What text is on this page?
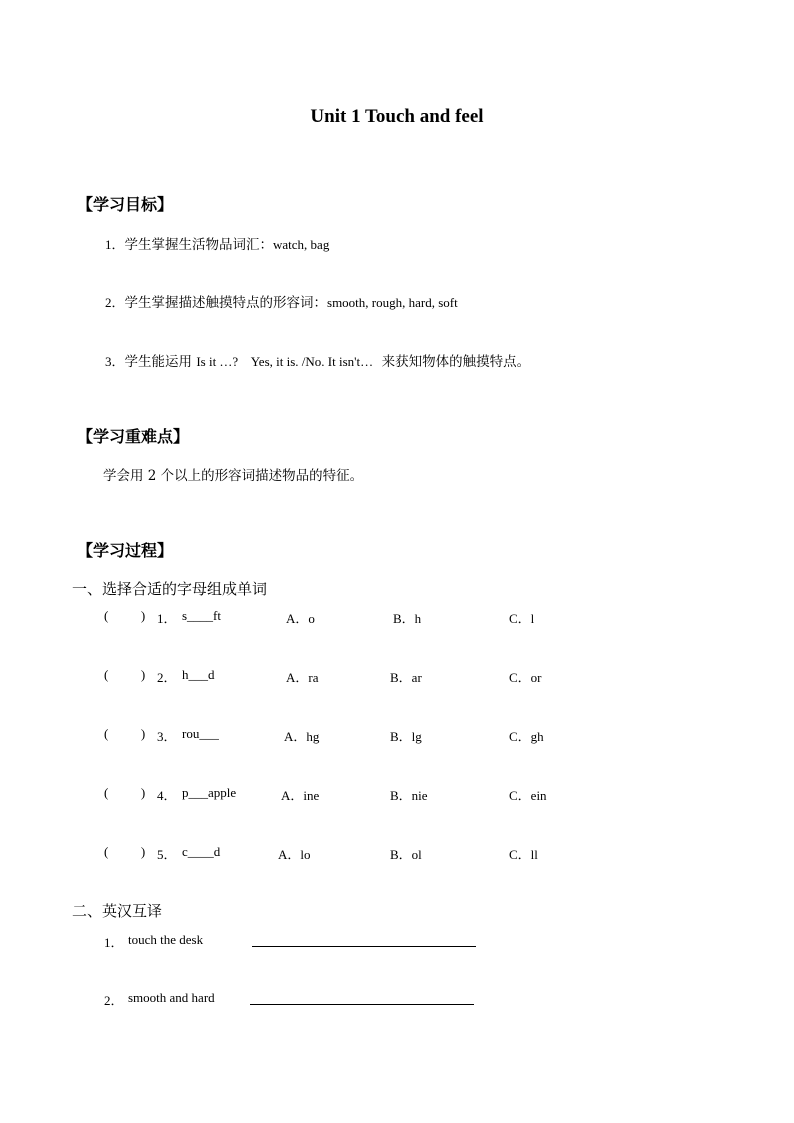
Unit 1 Touch and feel
【学习目标】
1．学生掌握生活物品词汇：watch, bag
2．学生掌握描述触摸特点的形容词：smooth, rough, hard, soft
3．学生能运用 Is it …?    Yes, it is. /No. It isn't…  来获知物体的触摸特点。
【学习重难点】
学会用 2 个以上的形容词描述物品的特征。
【学习过程】
一、选择合适的字母组成单词
(          ) 1． s____ft	A．o	B．h	C．l
(          ) 2． h___d	A．ra	B．ar	C．or
(          ) 3． rou___	A．hg	B．lg	C．gh
(          ) 4． p___apple	A．ine	B．nie	C．ein
(          ) 5． c____d	A．lo	B．ol	C．ll
二、英汉互译
1． touch the desk
2． smooth and hard
